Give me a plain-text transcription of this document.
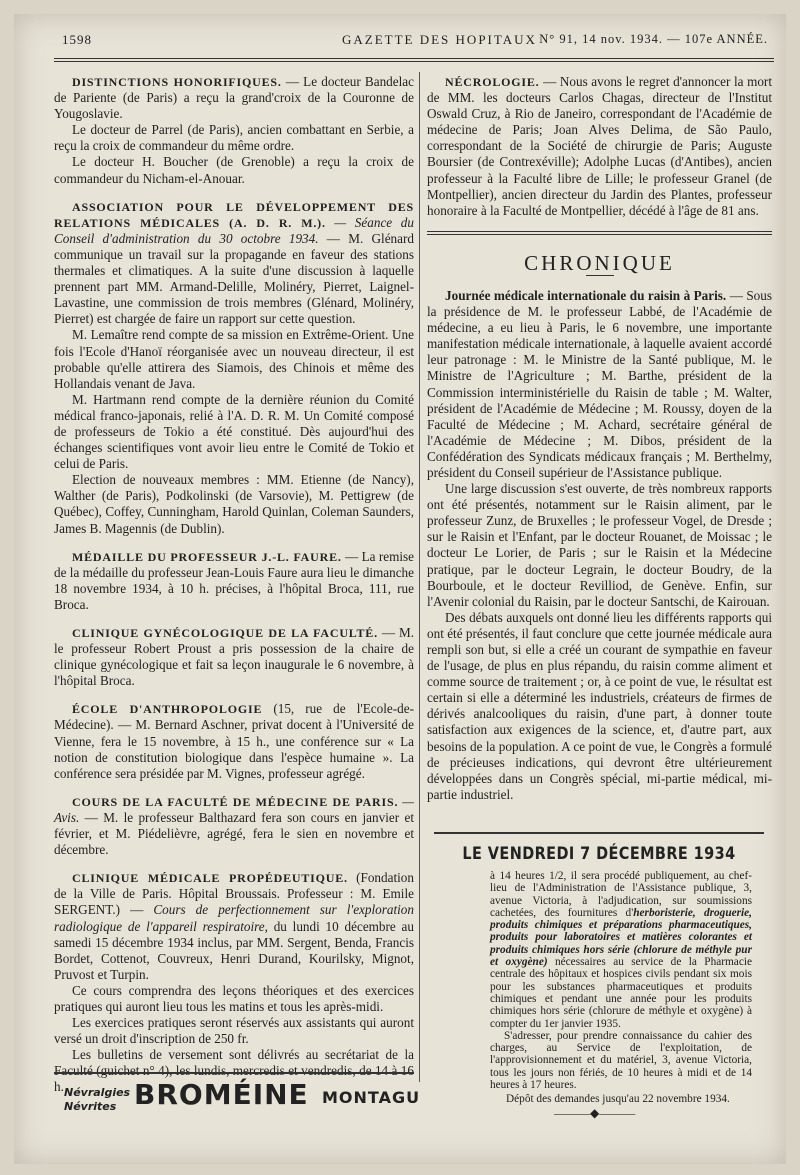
1598	GAZETTE DES HOPITAUX N° 91, 14 nov. 1934. — 107e ANNÉE.

DISTINCTIONS HONORIFIQUES. — Le docteur Bandelac de Pariente (de Paris) a reçu la grand'croix de la Couronne de Yougoslavie.

Le docteur de Parrel (de Paris), ancien combattant en Serbie, a reçu la croix de commandeur du même ordre.

Le docteur H. Boucher (de Grenoble) a reçu la croix de commandeur du Nicham-el-Anouar.

ASSOCIATION POUR LE DÉVELOPPEMENT DES RELATIONS MÉDICALES (A. D. R. M.). — Séance du Conseil d'administration du 30 octobre 1934. — M. Glénard communique un travail sur la propagande en faveur des stations thermales et climatiques. A la suite d'une discussion à laquelle prennent part MM. Armand-Delille, Molinéry, Pierret, Laignel-Lavastine, une commission de trois membres (Glénard, Molinéry, Pierret) est chargée de faire un rapport sur cette question.

M. Lemaître rend compte de sa mission en Extrême-Orient. Une fois l'Ecole d'Hanoï réorganisée avec un nouveau directeur, il est probable qu'elle attirera des Siamois, des Chinois et même des Hollandais venant de Java.

M. Hartmann rend compte de la dernière réunion du Comité médical franco-japonais, relié à l'A. D. R. M. Un Comité composé de professeurs de Tokio a été constitué. Dès aujourd'hui des échanges scientifiques vont avoir lieu entre le Comité de Tokio et celui de Paris.

Election de nouveaux membres : MM. Etienne (de Nancy), Walther (de Paris), Podkolinski (de Varsovie), M. Pettigrew (de Québec), Coffey, Cunningham, Harold Quinlan, Coleman Saunders, James B. Magennis (de Dublin).

MÉDAILLE DU PROFESSEUR J.-L. FAURE. — La remise de la médaille du professeur Jean-Louis Faure aura lieu le dimanche 18 novembre 1934, à 10 h. précises, à l'hôpital Broca, 111, rue Broca.

CLINIQUE GYNÉCOLOGIQUE DE LA FACULTÉ. — M. le professeur Robert Proust a pris possession de la chaire de clinique gynécologique et fait sa leçon inaugurale le 6 novembre, à l'hôpital Broca.

ÉCOLE D'ANTHROPOLOGIE (15, rue de l'Ecole-de-Médecine). — M. Bernard Aschner, privat docent à l'Université de Vienne, fera le 15 novembre, à 15 h., une conférence sur « La notion de constitution biologique dans l'espèce humaine ». La conférence sera présidée par M. Vignes, professeur agrégé.

COURS DE LA FACULTÉ DE MÉDECINE DE PARIS. — Avis. — M. le professeur Balthazard fera son cours en janvier et février, et M. Piédelièvre, agrégé, fera le sien en novembre et décembre.

CLINIQUE MÉDICALE PROPÉDEUTIQUE. (Fondation de la Ville de Paris. Hôpital Broussais. Professeur : M. Emile SERGENT.) — Cours de perfectionnement sur l'exploration radiologique de l'appareil respiratoire, du lundi 10 décembre au samedi 15 décembre 1934 inclus, par MM. Sergent, Benda, Francis Bordet, Cottenot, Couvreux, Henri Durand, Kourilsky, Mignot, Pruvost et Turpin.

Ce cours comprendra des leçons théoriques et des exercices pratiques qui auront lieu tous les matins et tous les après-midi.

Les exercices pratiques seront réservés aux assistants qui auront versé un droit d'inscription de 250 fr.

Les bulletins de versement sont délivrés au secrétariat de la Faculté (guichet n° 4), les lundis, mercredis et vendredis, de 14 à 16 h. Névralgies
Névrites BROMÉINE MONTAGU

NÉCROLOGIE. — Nous avons le regret d'annoncer la mort de MM. les docteurs Carlos Chagas, directeur de l'Institut Oswald Cruz, à Rio de Janeiro, correspondant de l'Académie de médecine de Paris; Joan Alves Delima, de São Paulo, correspondant de la Société de chirurgie de Paris; Auguste Boursier (de Contrexéville); Adolphe Lucas (d'Antibes), ancien professeur à la Faculté libre de Lille; le professeur Granel (de Montpellier), ancien directeur du Jardin des Plantes, professeur honoraire à la Faculté de Montpellier, décédé à l'âge de 81 ans.

CHRONIQUE

Journée médicale internationale du raisin à Paris. — Sous la présidence de M. le professeur Labbé, de l'Académie de médecine, a eu lieu à Paris, le 6 novembre, une importante manifestation médicale internationale, à laquelle avaient accordé leur patronage : M. le Ministre de la Santé publique, M. le Ministre de l'Agriculture ; M. Barthe, président de la Commission interministérielle du Raisin de table ; M. Walter, président de l'Académie de Médecine ; M. Roussy, doyen de la Faculté de Médecine ; M. Achard, secrétaire général de l'Académie de Médecine ; M. Dibos, président de la Confédération des Syndicats médicaux français ; M. Berthelmy, président du Conseil supérieur de l'Assistance publique.

Une large discussion s'est ouverte, de très nombreux rapports ont été présentés, notamment sur le Raisin aliment, par le professeur Zunz, de Bruxelles ; le professeur Vogel, de Dresde ; sur le Raisin et l'Enfant, par le docteur Rouanet, de Moissac ; le docteur Le Lorier, de Paris ; sur le Raisin et la Médecine pratique, par le docteur Legrain, le docteur Boudry, de la Bourboule, et le docteur Revilliod, de Genève. Enfin, sur l'Avenir colonial du Raisin, par le docteur Santschi, de Kairouan.

Des débats auxquels ont donné lieu les différents rapports qui ont été présentés, il faut conclure que cette journée médicale aura rempli son but, si elle a créé un courant de sympathie en faveur de l'usage, de plus en plus répandu, du raisin comme aliment et comme source de traitement ; or, à ce point de vue, le résultat est certain si elle a déterminé les industriels, créateurs de firmes de dérivés analcooliques du raisin, d'une part, à donner toute satisfaction aux exigences de la science, et, d'autre part, aux besoins de la population. A ce point de vue, le Congrès a formulé de précieuses indications, qui devront être ultérieurement développées dans un Congrès spécial, mi-partie médical, mi-partie industriel.

LE VENDREDI 7 DÉCEMBRE 1934
à 14 heures 1/2, il sera procédé publiquement, au chef-lieu de l'Administration de l'Assistance publique, 3, avenue Victoria, à l'adjudication, sur soumissions cachetées, des fournitures d'herboristerie, droguerie, produits chimiques et préparations pharmaceutiques, produits pour laboratoires et matières colorantes et produits chimiques hors série (chlorure de méthyle pur et oxygène) nécessaires au service de la Pharmacie centrale des hôpitaux et hospices civils pendant six mois pour les substances pharmaceutiques et produits chimiques et pendant une année pour les produits chimiques hors série (chlorure de méthyle et oxygène) à compter du 1er janvier 1935.
S'adresser, pour prendre connaissance du cahier des charges, au Service de l'exploitation, de l'approvisionnement et du matériel, 3, avenue Victoria, tous les jours non fériés, de 10 heures à midi et de 14 heures à 17 heures.
Dépôt des demandes jusqu'au 22 novembre 1934.
———◆———
